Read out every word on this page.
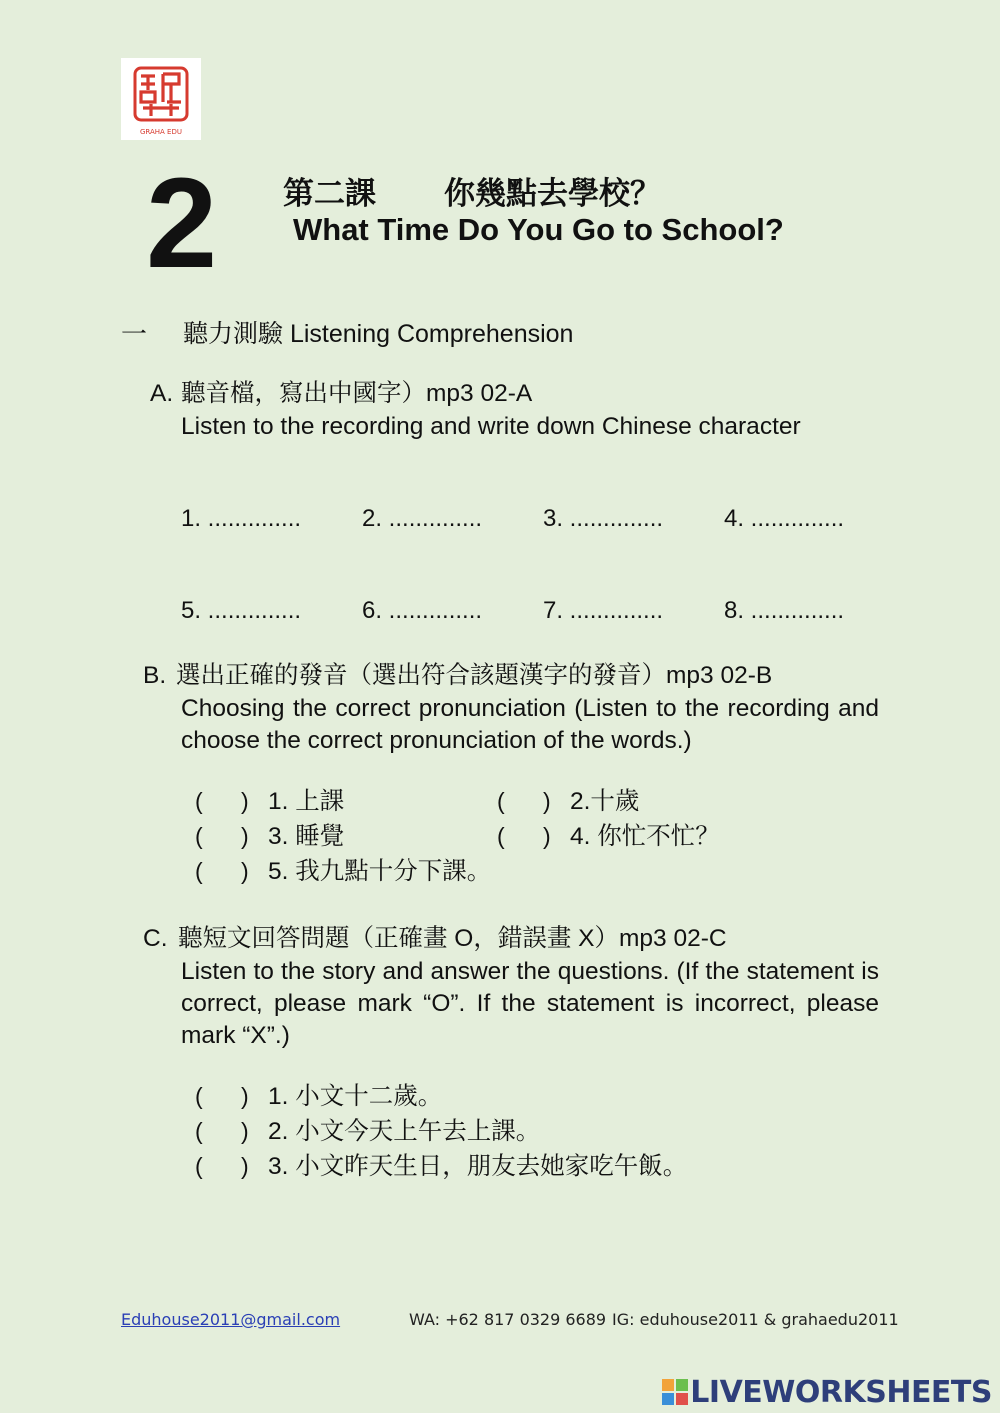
GRAHA EDU
2 第二課 你幾點去學校？
What Time Do You Go to School?
一 聽力測驗 Listening Comprehension
A. 聽音檔，寫出中國字）mp3 02-A
Listen to the recording and write down Chinese character
1. ..............	2. ..............	3. ..............	4. ..............
5. ..............	6. ..............	7. ..............	8. ..............
B. 選出正確的發音（選出符合該題漢字的發音）mp3 02-B
Choosing the correct pronunciation (Listen to the recording and choose the correct pronunciation of the words.)
( ) 1. 上課	( ) 2.十歲
( ) 3. 睡覺	( ) 4. 你忙不忙？
( ) 5. 我九點十分下課。
C. 聽短文回答問題（正確畫 O，錯誤畫 X）mp3 02-C
Listen to the story and answer the questions. (If the statement is correct, please mark “O”. If the statement is incorrect, please mark “X”.)
( ) 1. 小文十二歲。
( ) 2. 小文今天上午去上課。
( ) 3. 小文昨天生日，朋友去她家吃午飯。
Eduhouse2011@gmail.com	WA: +62 817 0329 6689 IG: eduhouse2011 & grahaedu2011
LIVEWORKSHEETS
